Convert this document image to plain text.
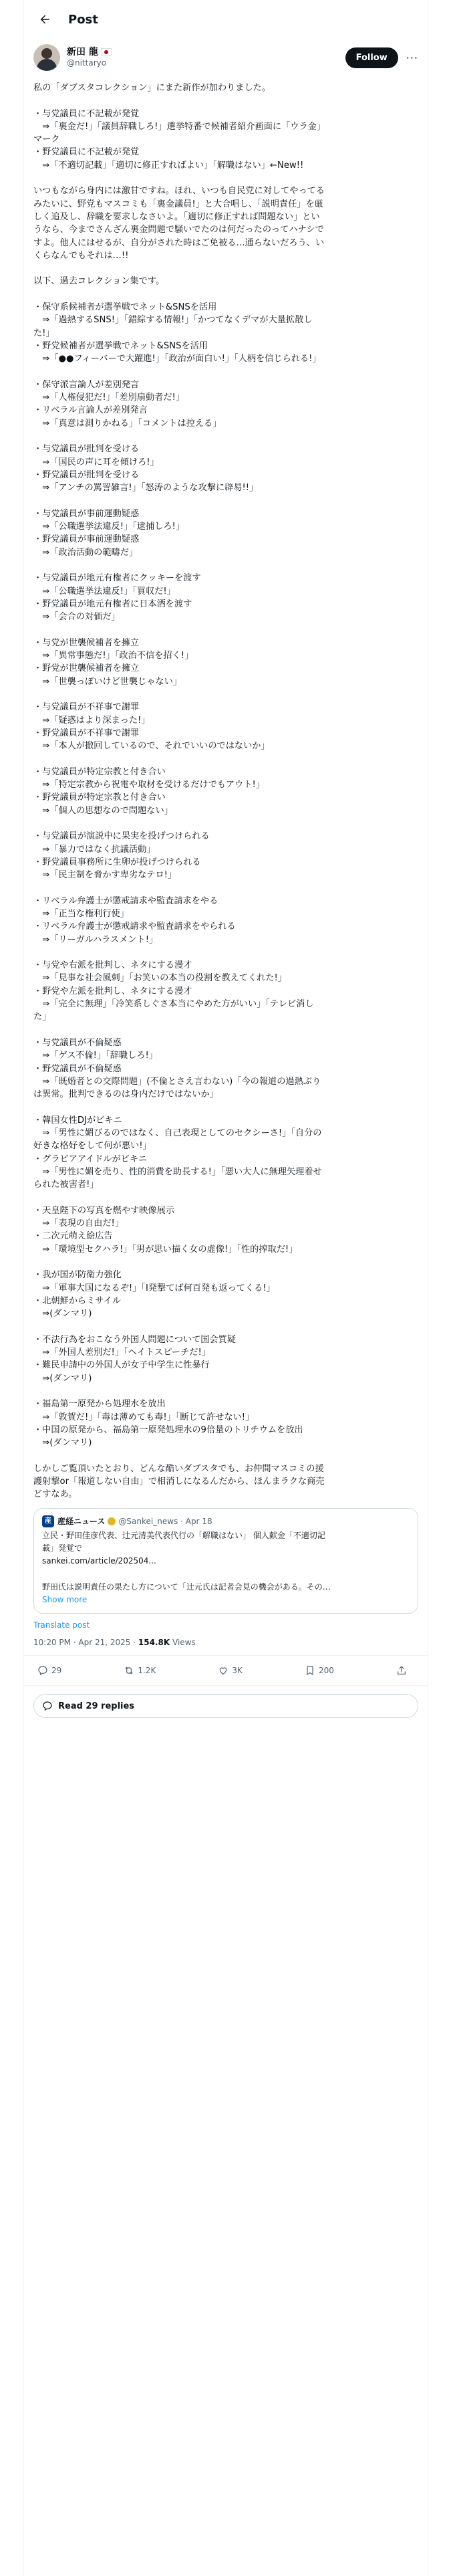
Post
新田 龍
@nittaryo
Follow	···
私の「ダブスタコレクション」にまた新作が加わりました。
・与党議員に不記載が発覚
　⇒「裏金だ!」「議員辞職しろ!」選挙特番で候補者紹介画面に「ウラ金」
マーク
・野党議員に不記載が発覚
　⇒「不適切記載」「適切に修正すればよい」「解職はない」←New!!
いつもながら身内には激甘ですね。ほれ、いつも自民党に対してやってる
みたいに、野党もマスコミも「裏金議員!」と大合唱し、「説明責任」を厳
しく追及し、辞職を要求しなさいよ。「適切に修正すれば問題ない」とい
うなら、今までさんざん裏金問題で騒いでたのは何だったのってハナシで
すよ。他人にはせるが、自分がされた時はご免被る…通らないだろう、い
くらなんでもそれは…!!
以下、過去コレクション集です。
・保守系候補者が選挙戦でネット&SNSを活用
　⇒「過熱するSNS!」「錯綜する情報!」「かつてなくデマが大量拡散し
た!」
・野党候補者が選挙戦でネット&SNSを活用
　⇒「●●フィーバーで大躍進!」「政治が面白い!」「人柄を信じられる!」
・保守派言論人が差別発言
　⇒「人権侵犯だ!」「差別扇動者だ!」
・リベラル言論人が差別発言
　⇒「真意は測りかねる」「コメントは控える」
・与党議員が批判を受ける
　⇒「国民の声に耳を傾けろ!」
・野党議員が批判を受ける
　⇒「アンチの罵詈雑言!」「怒涛のような攻撃に辟易!!」
・与党議員が事前運動疑惑
　⇒「公職選挙法違反!」「逮捕しろ!」
・野党議員が事前運動疑惑
　⇒「政治活動の範疇だ」
・与党議員が地元有権者にクッキーを渡す
　⇒「公職選挙法違反!」「買収だ!」
・野党議員が地元有権者に日本酒を渡す
　⇒「会合の対価だ」
・与党が世襲候補者を擁立
　⇒「異常事態だ!」「政治不信を招く!」
・野党が世襲候補者を擁立
　⇒「世襲っぽいけど世襲じゃない」
・与党議員が不祥事で謝罪
　⇒「疑惑はより深まった!」
・野党議員が不祥事で謝罪
　⇒「本人が撤回しているので、それでいいのではないか」
・与党議員が特定宗教と付き合い
　⇒「特定宗教から祝電や取材を受けるだけでもアウト!」
・野党議員が特定宗教と付き合い
　⇒「個人の思想なので問題ない」
・与党議員が演説中に果実を投げつけられる
　⇒「暴力ではなく抗議活動」
・野党議員事務所に生卵が投げつけられる
　⇒「民主制を脅かす卑劣なテロ!」
・リベラル弁護士が懲戒請求や監査請求をやる
　⇒「正当な権利行使」
・リベラル弁護士が懲戒請求や監査請求をやられる
　⇒「リーガルハラスメント!」
・与党や右派を批判し、ネタにする漫才
　⇒「見事な社会風刺」「お笑いの本当の役割を教えてくれた!」
・野党や左派を批判し、ネタにする漫才
　⇒「完全に無理」「冷笑系しぐさ本当にやめた方がいい」「テレビ消し
た」
・与党議員が不倫疑惑
　⇒「ゲス不倫!」「辞職しろ!」
・野党議員が不倫疑惑
　⇒「既婚者との交際問題」(不倫とさえ言わない)「今の報道の過熱ぶり
は異常。批判できるのは身内だけではないか」
・韓国女性DJがビキニ
　⇒「男性に媚びるのではなく、自己表現としてのセクシーさ!」「自分の
好きな格好をして何が悪い!」
・グラビアアイドルがビキニ
　⇒「男性に媚を売り、性的消費を助長する!」「悪い大人に無理矢理着せ
られた被害者!」
・天皇陛下の写真を燃やす映像展示
　⇒「表現の自由だ!」
・二次元萌え絵広告
　⇒「環境型セクハラ!」「男が思い描く女の虚像!」「性的搾取だ!」
・我が国が防衛力強化
　⇒「軍事大国になるぞ!」「I発撃てば何百発も返ってくる!」
・北朝鮮からミサイル
　⇒(ダンマリ)
・不法行為をおこなう外国人問題について国会質疑
　⇒「外国人差別だ!」「ヘイトスピーチだ!」
・難民申請中の外国人が女子中学生に性暴行
　⇒(ダンマリ)
・福島第一原発から処理水を放出
　⇒「敦賀だ!」「毒は薄めても毒!」「断じて許せない!」
・中国の原発から、福島第一原発処理水の9倍量のトリチウムを放出
　⇒(ダンマリ)
しかしご覧頂いたとおり、どんな酷いダブスタでも、お仲間マスコミの援
護射撃or「報道しない自由」で相消しになるんだから、ほんまラクな商売
どすなあ。
産 産経ニュース @Sankei_news · Apr 18
立民・野田佳彦代表、辻元清美代表代行の「解職はない」 個人献金「不適切記
載」発覚で
sankei.com/article/202504...
野田氏は説明責任の果たし方について「辻元氏は記者会見の機会がある。その…
Show more
Translate post
10:20 PM · Apr 21, 2025 · 154.8K Views
29	1.2K	3K	200
Read 29 replies
